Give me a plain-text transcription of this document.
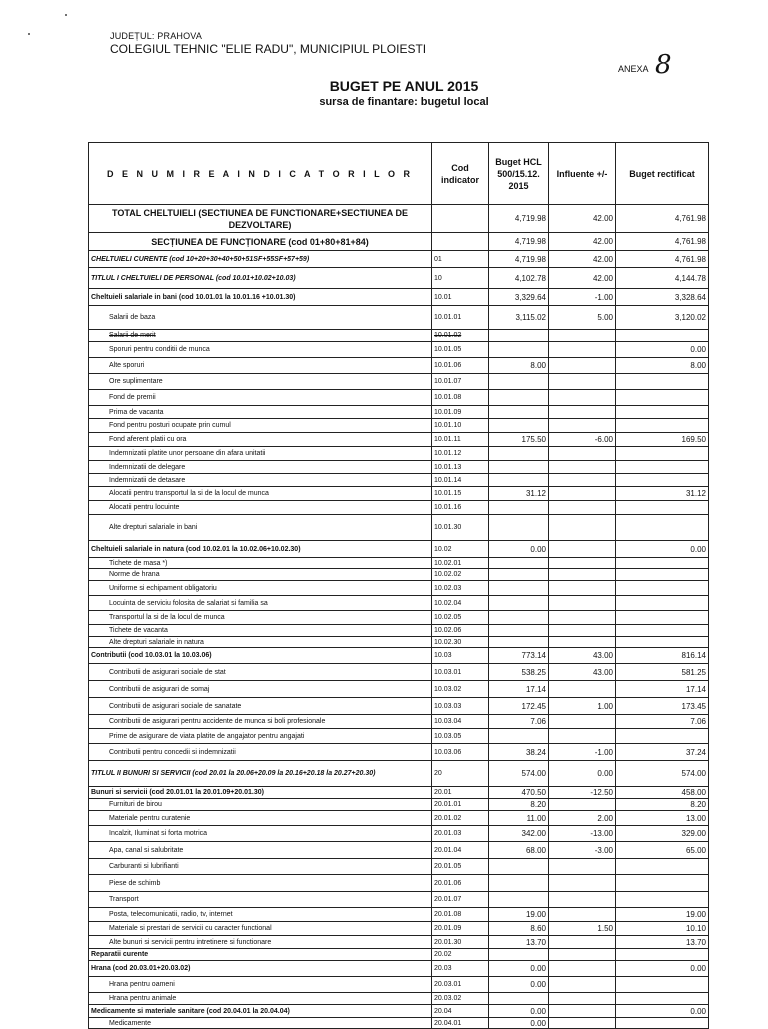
JUDEȚUL: PRAHOVA
COLEGIUL TEHNIC "ELIE RADU", MUNICIPIUL PLOIESTI
ANEXA 8
BUGET PE ANUL 2015
sursa de finantare: bugetul local
D E N U M I R E A I N D I C A T O R I L O R	Cod indicator	Buget HCL 500/15.12. 2015	Influente +/-	Buget rectificat
TOTAL CHELTUIELI (SECTIUNEA DE FUNCTIONARE+SECTIUNEA DE DEZVOLTARE)		4,719.98	42.00	4,761.98
SECȚIUNEA DE FUNCȚIONARE (cod 01+80+81+84)		4,719.98	42.00	4,761.98
CHELTUIELI CURENTE (cod 10+20+30+40+50+51SF+55SF+57+59)	01	4,719.98	42.00	4,761.98
TITLUL I CHELTUIELI DE PERSONAL (cod 10.01+10.02+10.03)	10	4,102.78	42.00	4,144.78
Cheltuieli salariale in bani (cod 10.01.01 la 10.01.16 +10.01.30)	10.01	3,329.64	-1.00	3,328.64
Salarii de baza	10.01.01	3,115.02	5.00	3,120.02
Salarii de merit	10.01.02			
Sporuri pentru conditii de munca	10.01.05			0.00
Alte sporuri	10.01.06	8.00		8.00
Ore suplimentare	10.01.07			
Fond de premii	10.01.08			
Prima de vacanta	10.01.09			
Fond pentru posturi ocupate prin cumul	10.01.10			
Fond aferent platii cu ora	10.01.11	175.50	-6.00	169.50
Indemnizatii platite unor persoane din afara unitatii	10.01.12			
Indemnizatii de delegare	10.01.13			
Indemnizatii de detasare	10.01.14			
Alocatii pentru transportul la si de la locul de munca	10.01.15	31.12		31.12
Alocatii pentru locuinte	10.01.16			
Alte drepturi salariale in bani	10.01.30			
Cheltuieli salariale in natura (cod 10.02.01 la 10.02.06+10.02.30)	10.02	0.00		0.00
Tichete de masa *)	10.02.01			
Norme de hrana	10.02.02			
Uniforme si echipament obligatoriu	10.02.03			
Locuinta de serviciu folosita de salariat si familia sa	10.02.04			
Transportul la si de la locul de munca	10.02.05			
Tichete de vacanta	10.02.06			
Alte drepturi salariale in natura	10.02.30			
Contributii (cod 10.03.01 la 10.03.06)	10.03	773.14	43.00	816.14
Contributii de asigurari sociale de stat	10.03.01	538.25	43.00	581.25
Contributii de asigurari de somaj	10.03.02	17.14		17.14
Contributii de asigurari sociale de sanatate	10.03.03	172.45	1.00	173.45
Contributii de asigurari pentru accidente de munca si boli profesionale	10.03.04	7.06		7.06
Prime de asigurare de viata platite de angajator pentru angajati	10.03.05			
Contributii pentru concedii si indemnizatii	10.03.06	38.24	-1.00	37.24
TITLUL II BUNURI SI SERVICII (cod 20.01 la 20.06+20.09 la 20.16+20.18 la 20.27+20.30)	20	574.00	0.00	574.00
Bunuri si servicii (cod 20.01.01 la 20.01.09+20.01.30)	20.01	470.50	-12.50	458.00
Furnituri de birou	20.01.01	8.20		8.20
Materiale pentru curatenie	20.01.02	11.00	2.00	13.00
Incalzit, Iluminat si forta motrica	20.01.03	342.00	-13.00	329.00
Apa, canal si salubritate	20.01.04	68.00	-3.00	65.00
Carburanti si lubrifianti	20.01.05			
Piese de schimb	20.01.06			
Transport	20.01.07			
Posta, telecomunicatii, radio, tv, internet	20.01.08	19.00		19.00
Materiale si prestari de servicii cu caracter functional	20.01.09	8.60	1.50	10.10
Alte bunuri si servicii pentru intretinere si functionare	20.01.30	13.70		13.70
Reparatii curente	20.02			
Hrana (cod 20.03.01+20.03.02)	20.03	0.00		0.00
Hrana pentru oameni	20.03.01	0.00		
Hrana pentru animale	20.03.02			
Medicamente si materiale sanitare (cod 20.04.01 la 20.04.04)	20.04	0.00		0.00
Medicamente	20.04.01	0.00		
